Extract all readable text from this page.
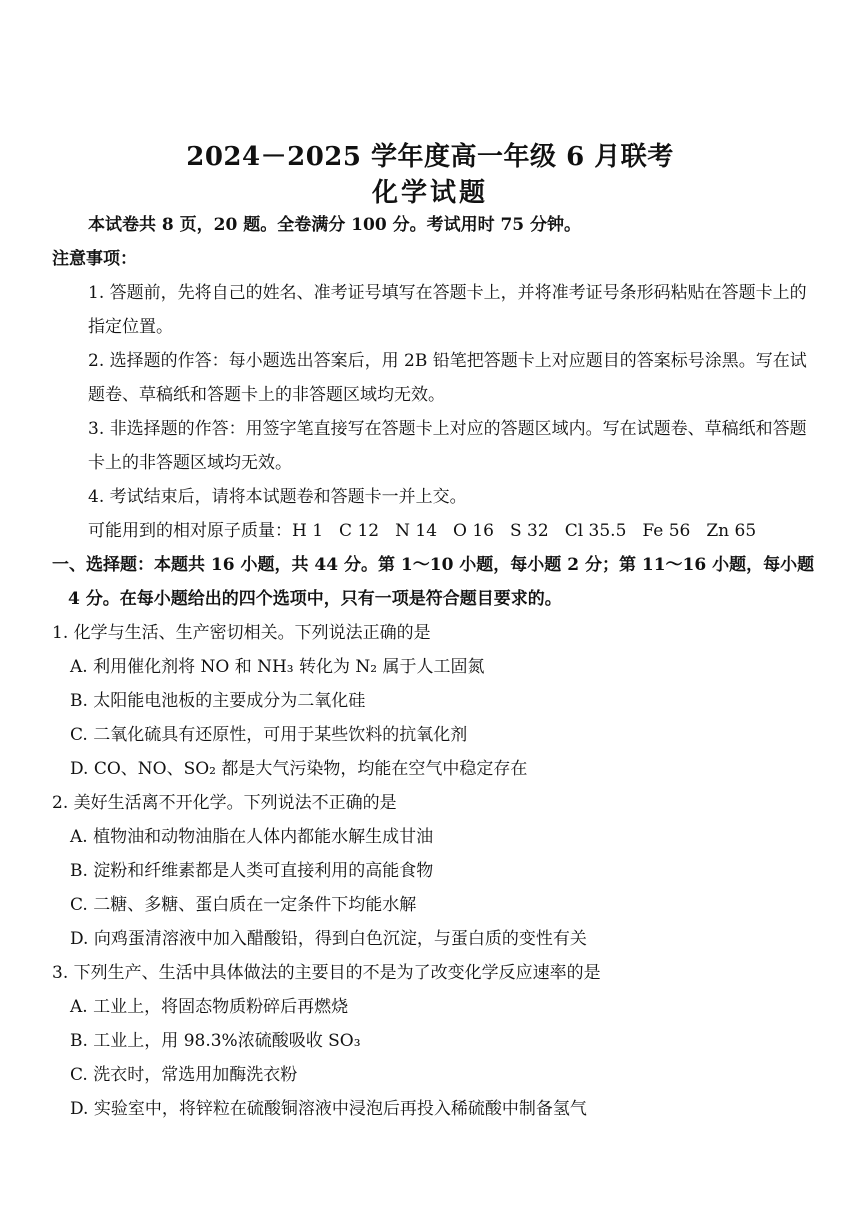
2024－2025 学年度高一年级 6 月联考
化学试题
本试卷共 8 页，20 题。全卷满分 100 分。考试用时 75 分钟。
注意事项：
1. 答题前，先将自己的姓名、准考证号填写在答题卡上，并将准考证号条形码粘贴在答题卡上的指定位置。
2. 选择题的作答：每小题选出答案后，用 2B 铅笔把答题卡上对应题目的答案标号涂黑。写在试题卷、草稿纸和答题卡上的非答题区域均无效。
3. 非选择题的作答：用签字笔直接写在答题卡上对应的答题区域内。写在试题卷、草稿纸和答题卡上的非答题区域均无效。
4. 考试结束后，请将本试题卷和答题卡一并上交。
可能用到的相对原子质量：H 1 C 12 N 14 O 16 S 32 Cl 35.5 Fe 56 Zn 65
一、选择题：本题共 16 小题，共 44 分。第 1～10 小题，每小题 2 分；第 11～16 小题，每小题 4 分。在每小题给出的四个选项中，只有一项是符合题目要求的。
1. 化学与生活、生产密切相关。下列说法正确的是
A. 利用催化剂将 NO 和 NH₃ 转化为 N₂ 属于人工固氮
B. 太阳能电池板的主要成分为二氧化硅
C. 二氧化硫具有还原性，可用于某些饮料的抗氧化剂
D. CO、NO、SO₂ 都是大气污染物，均能在空气中稳定存在
2. 美好生活离不开化学。下列说法不正确的是
A. 植物油和动物油脂在人体内都能水解生成甘油
B. 淀粉和纤维素都是人类可直接利用的高能食物
C. 二糖、多糖、蛋白质在一定条件下均能水解
D. 向鸡蛋清溶液中加入醋酸铅，得到白色沉淀，与蛋白质的变性有关
3. 下列生产、生活中具体做法的主要目的不是为了改变化学反应速率的是
A. 工业上，将固态物质粉碎后再燃烧
B. 工业上，用 98.3%浓硫酸吸收 SO₃
C. 洗衣时，常选用加酶洗衣粉
D. 实验室中，将锌粒在硫酸铜溶液中浸泡后再投入稀硫酸中制备氢气
